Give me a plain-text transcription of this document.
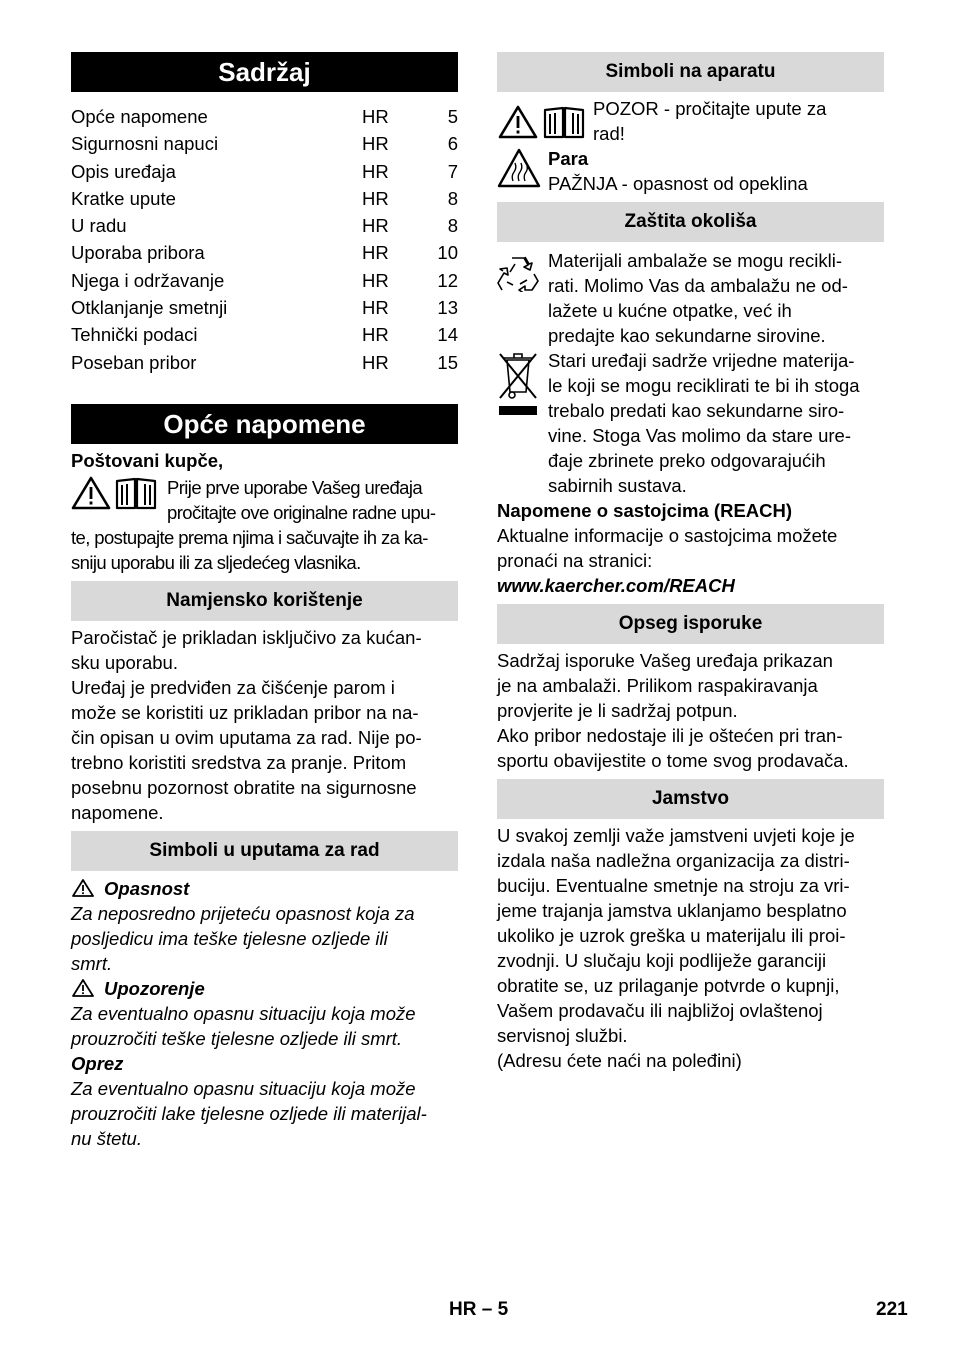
Sadržaj
Opće napomene	HR	5
Sigurnosni napuci	HR	6
Opis uređaja	HR	7
Kratke upute	HR	8
U radu	HR	8
Uporaba pribora	HR	10
Njega i održavanje	HR	12
Otklanjanje smetnji	HR	13
Tehnički podaci	HR	14
Poseban pribor	HR	15
Opće napomene

Poštovani kupče,

Prije prve uporabe Vašeg uređaja

pročitajte ove originalne radne upu-

te, postupajte prema njima i sačuvajte ih za ka-

sniju uporabu ili za sljedećeg vlasnika.

Namjensko korištenje

Paročistač je prikladan isključivo za kućan-

sku uporabu.

Uređaj je predviđen za čišćenje parom i

može se koristiti uz prikladan pribor na na-

čin opisan u ovim uputama za rad. Nije po-

trebno koristiti sredstva za pranje. Pritom

posebnu pozornost obratite na sigurnosne

napomene.

Simboli u uputama za rad

Opasnost

Za neposredno prijeteću opasnost koja za

posljedicu ima teške tjelesne ozljede ili

smrt.

Upozorenje

Za eventualno opasnu situaciju koja može

prouzročiti teške tjelesne ozljede ili smrt.

Oprez

Za eventualno opasnu situaciju koja može

prouzročiti lake tjelesne ozljede ili materijal-

nu štetu.

Simboli na aparatu

POZOR - pročitajte upute za

rad!

Para

PAŽNJA - opasnost od opeklina

Zaštita okoliša

Materijali ambalaže se mogu recikli-

rati. Molimo Vas da ambalažu ne od-

lažete u kućne otpatke, već ih

predajte kao sekundarne sirovine.

Stari uređaji sadrže vrijedne materija-

le koji se mogu reciklirati te bi ih stoga

trebalo predati kao sekundarne siro-

vine. Stoga Vas molimo da stare ure-

đaje zbrinete preko odgovarajućih

sabirnih sustava.

Napomene o sastojcima (REACH)

Aktualne informacije o sastojcima možete

pronaći na stranici:

www.kaercher.com/REACH

Opseg isporuke

Sadržaj isporuke Vašeg uređaja prikazan

je na ambalaži. Prilikom raspakiravanja

provjerite je li sadržaj potpun.

Ako pribor nedostaje ili je oštećen pri tran-

sportu obavijestite o tome svog prodavača.

Jamstvo

U svakoj zemlji važe jamstveni uvjeti koje je

izdala naša nadležna organizacija za distri-

buciju. Eventualne smetnje na stroju za vri-

jeme trajanja jamstva uklanjamo besplatno

ukoliko je uzrok greška u materijalu ili proi-

zvodnji. U slučaju koji podliježe garanciji

obratite se, uz prilaganje potvrde o kupnji,

Vašem prodavaču ili najbližoj ovlaštenoj

servisnoj službi.

(Adresu ćete naći na poleđini)

HR – 5	221
